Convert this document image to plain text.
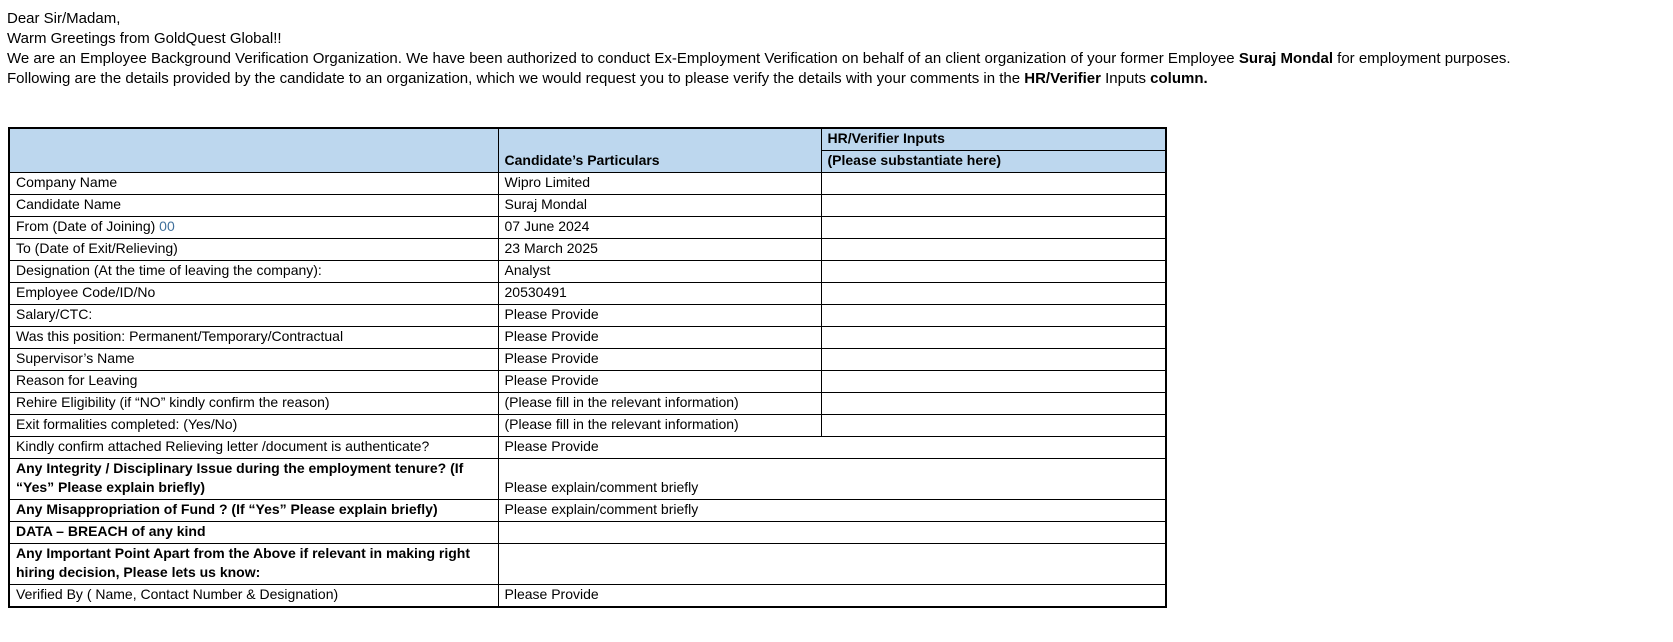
Dear Sir/Madam,
Warm Greetings from GoldQuest Global!!
We are an Employee Background Verification Organization. We have been authorized to conduct Ex-Employment Verification on behalf of an client organization of your former Employee Suraj Mondal for employment purposes.
Following are the details provided by the candidate to an organization, which we would request you to please verify the details with your comments in the HR/Verifier Inputs column.
	Candidate’s Particulars	HR/Verifier Inputs
		(Please substantiate here)
Company Name	Wipro Limited	
Candidate Name	Suraj Mondal	
From (Date of Joining) 00	07 June 2024	
To (Date of Exit/Relieving)	23 March 2025	
Designation (At the time of leaving the company):	Analyst	
Employee Code/ID/No	20530491	
Salary/CTC:	Please Provide	
Was this position: Permanent/Temporary/Contractual	Please Provide	
Supervisor’s Name	Please Provide	
Reason for Leaving	Please Provide	
Rehire Eligibility (if “NO” kindly confirm the reason)	(Please fill in the relevant information)	
Exit formalities completed: (Yes/No)	(Please fill in the relevant information)	
Kindly confirm attached Relieving letter /document is authenticate?	Please Provide	
Any Integrity / Disciplinary Issue during the employment tenure? (If “Yes” Please explain briefly)	Please explain/comment briefly	
Any Misappropriation of Fund ? (If “Yes” Please explain briefly)	Please explain/comment briefly	
DATA – BREACH of any kind		
Any Important Point Apart from the Above if relevant in making right hiring decision, Please lets us know:		
Verified By ( Name, Contact Number & Designation)	Please Provide	
